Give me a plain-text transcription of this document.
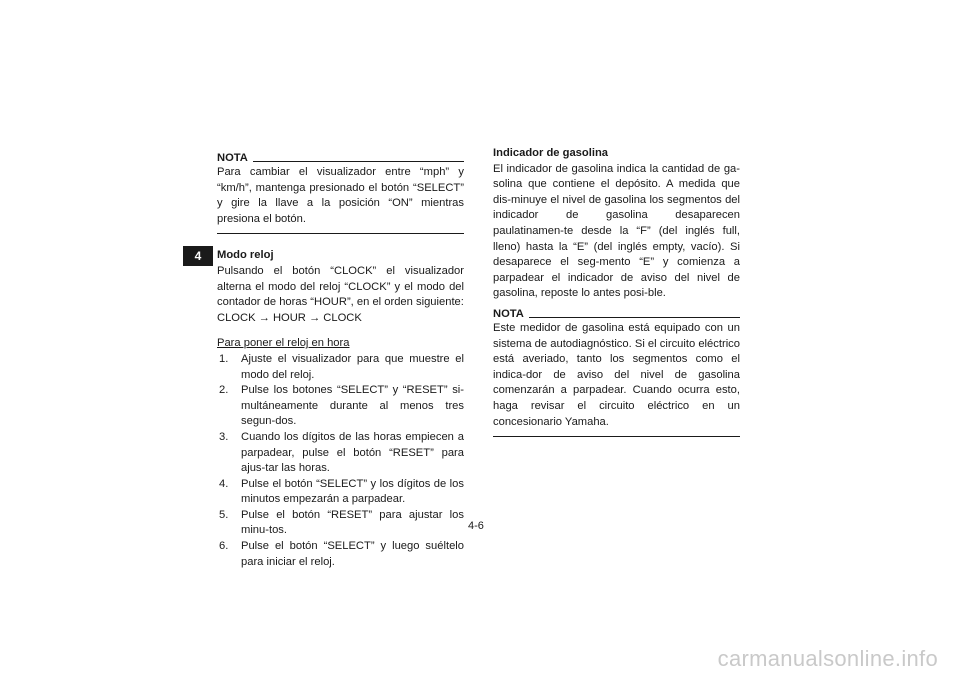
4
NOTA

Para cambiar el visualizador entre “mph” y “km/h”, mantenga presionado el botón “SELECT” y gire la llave a la posición “ON” mientras presiona el botón.

Modo reloj

Pulsando el botón “CLOCK” el visualizador alterna el modo del reloj “CLOCK” y el modo del contador de horas “HOUR”, en el orden siguiente:

CLOCK → HOUR → CLOCK

Para poner el reloj en hora

1.	Ajuste el visualizador para que muestre el modo del reloj.
2.	Pulse los botones “SELECT” y “RESET” si-multáneamente durante al menos tres segun-dos.
3.	Cuando los dígitos de las horas empiecen a parpadear, pulse el botón “RESET” para ajus-tar las horas.
4.	Pulse el botón “SELECT” y los dígitos de los minutos empezarán a parpadear.
5.	Pulse el botón “RESET” para ajustar los minu-tos.
6.	Pulse el botón “SELECT” y luego suéltelo para iniciar el reloj.

Indicador de gasolina

El indicador de gasolina indica la cantidad de ga-solina que contiene el depósito. A medida que dis-minuye el nivel de gasolina los segmentos del indicador de gasolina desaparecen paulatinamen-te desde la “F” (del inglés full, lleno) hasta la “E” (del inglés empty, vacío). Si desaparece el seg-mento “E” y comienza a parpadear el indicador de aviso del nivel de gasolina, reposte lo antes posi-ble.

NOTA

Este medidor de gasolina está equipado con un sistema de autodiagnóstico. Si el circuito eléctrico está averiado, tanto los segmentos como el indica-dor de aviso del nivel de gasolina comenzarán a parpadear. Cuando ocurra esto, haga revisar el circuito eléctrico en un concesionario Yamaha.

4-6
carmanualsonline.info
